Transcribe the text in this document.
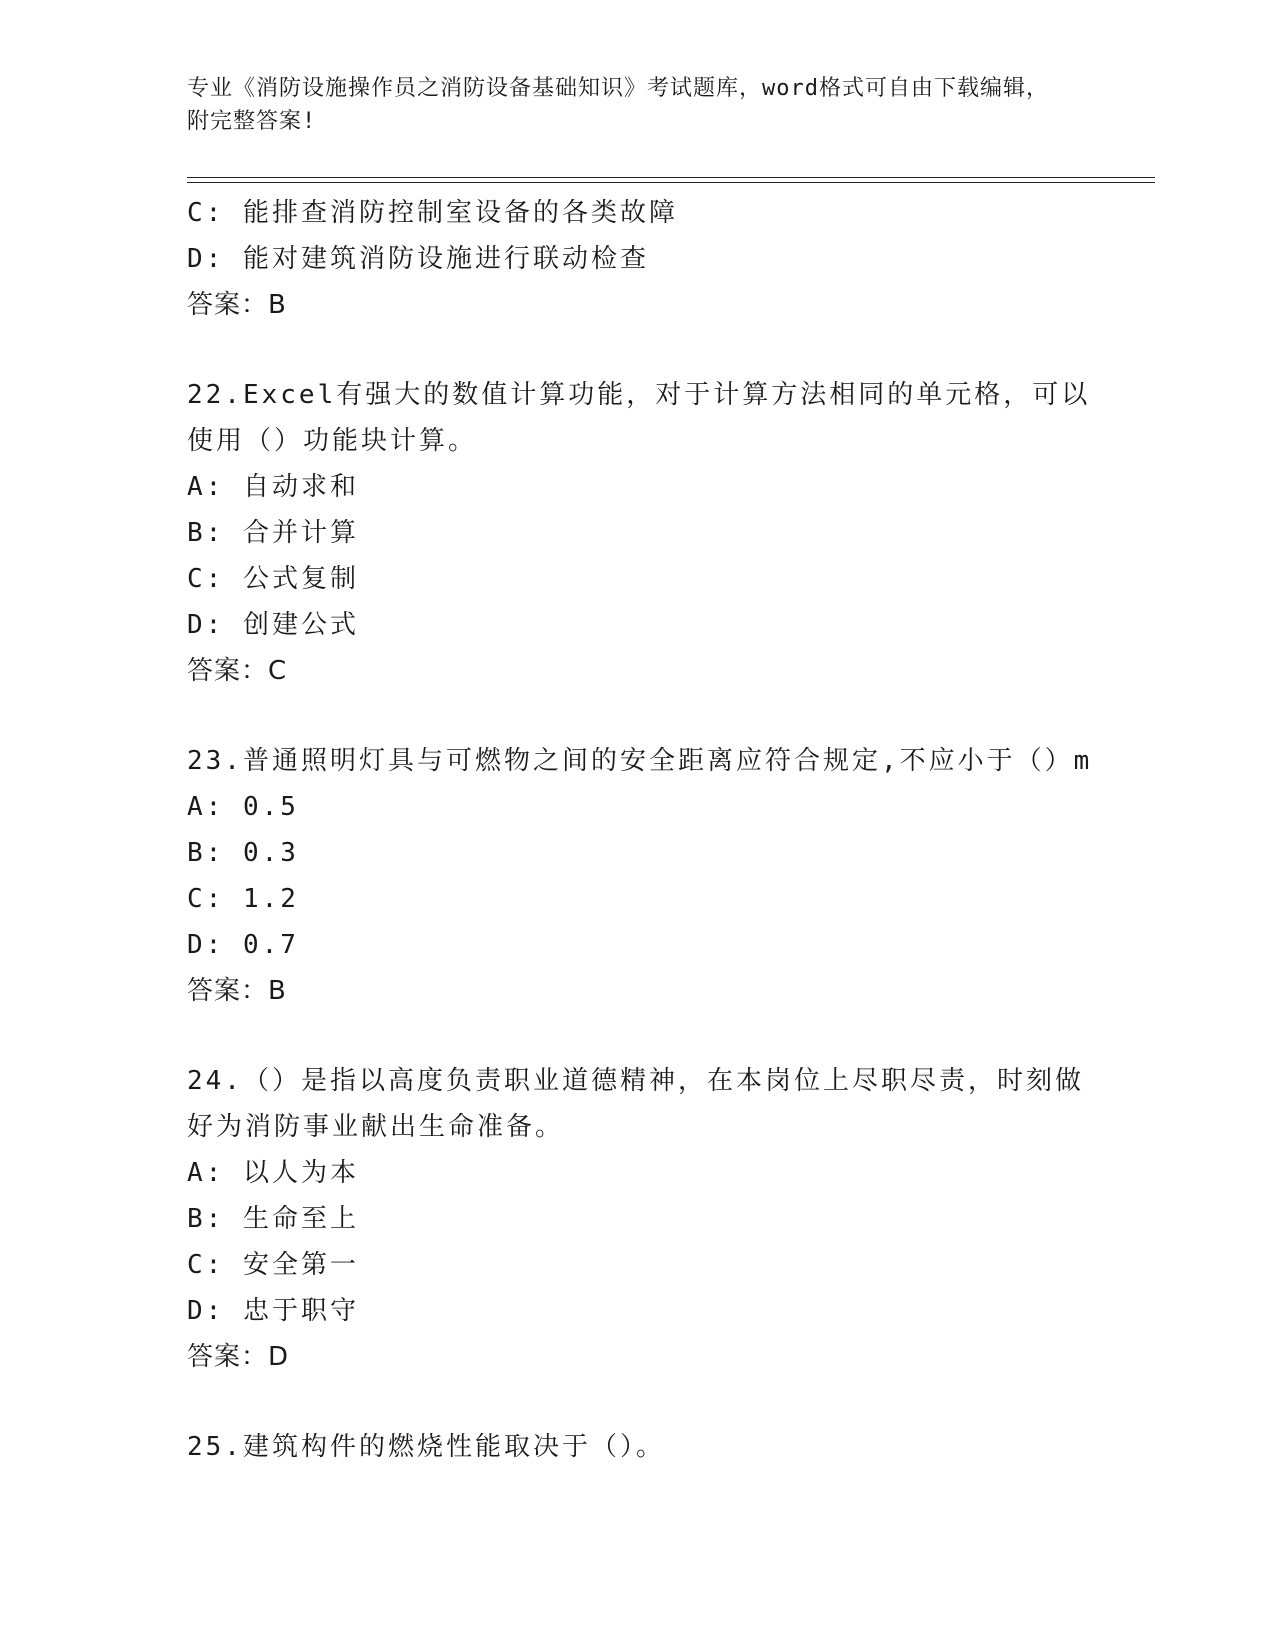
专业《消防设施操作员之消防设备基础知识》考试题库，word格式可自由下载编辑，附完整答案!
C: 能排查消防控制室设备的各类故障
D: 能对建筑消防设施进行联动检查
答案：B
22.Excel有强大的数值计算功能，对于计算方法相同的单元格，可以
使用（）功能块计算。
A: 自动求和
B: 合并计算
C: 公式复制
D: 创建公式
答案：C
23.普通照明灯具与可燃物之间的安全距离应符合规定,不应小于（）m
A: 0.5
B: 0.3
C: 1.2
D: 0.7
答案：B
24.（）是指以高度负责职业道德精神，在本岗位上尽职尽责，时刻做
好为消防事业献出生命准备。
A: 以人为本
B: 生命至上
C: 安全第一
D: 忠于职守
答案：D
25.建筑构件的燃烧性能取决于（）。
